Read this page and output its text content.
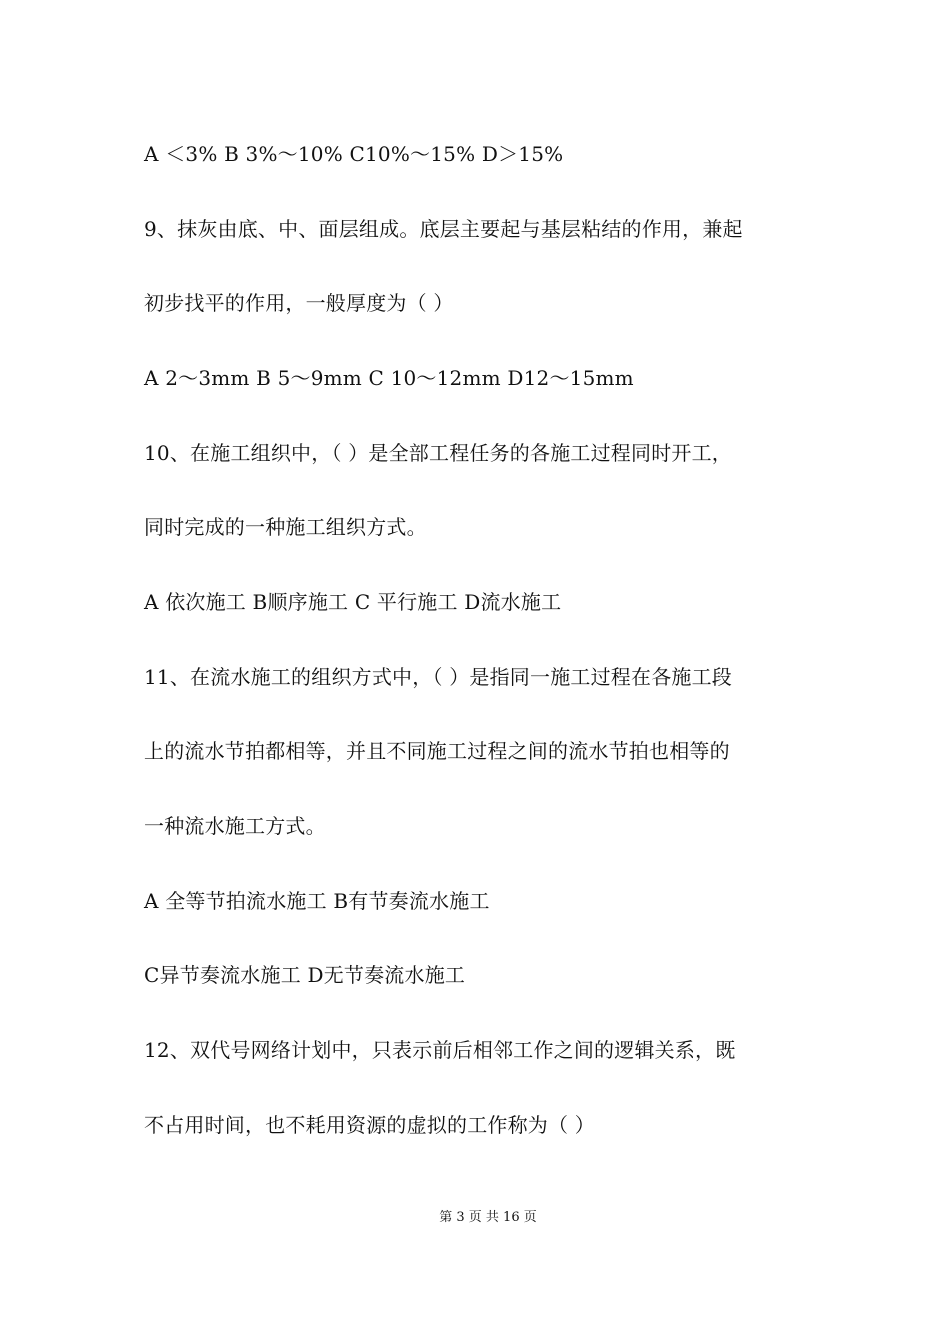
A ＜3% B 3%～10% C10%～15% D＞15%
9、抹灰由底、中、面层组成。底层主要起与基层粘结的作用，兼起
初步找平的作用，一般厚度为（ ）
A 2～3mm B 5～9mm C 10～12mm D12～15mm
10、在施工组织中，（ ）是全部工程任务的各施工过程同时开工，
同时完成的一种施工组织方式。
A 依次施工 B顺序施工 C 平行施工 D流水施工
11、在流水施工的组织方式中，（ ）是指同一施工过程在各施工段
上的流水节拍都相等，并且不同施工过程之间的流水节拍也相等的
一种流水施工方式。
A 全等节拍流水施工 B有节奏流水施工
C异节奏流水施工 D无节奏流水施工
12、双代号网络计划中，只表示前后相邻工作之间的逻辑关系，既
不占用时间，也不耗用资源的虚拟的工作称为（ ）
第 3 页 共 16 页
